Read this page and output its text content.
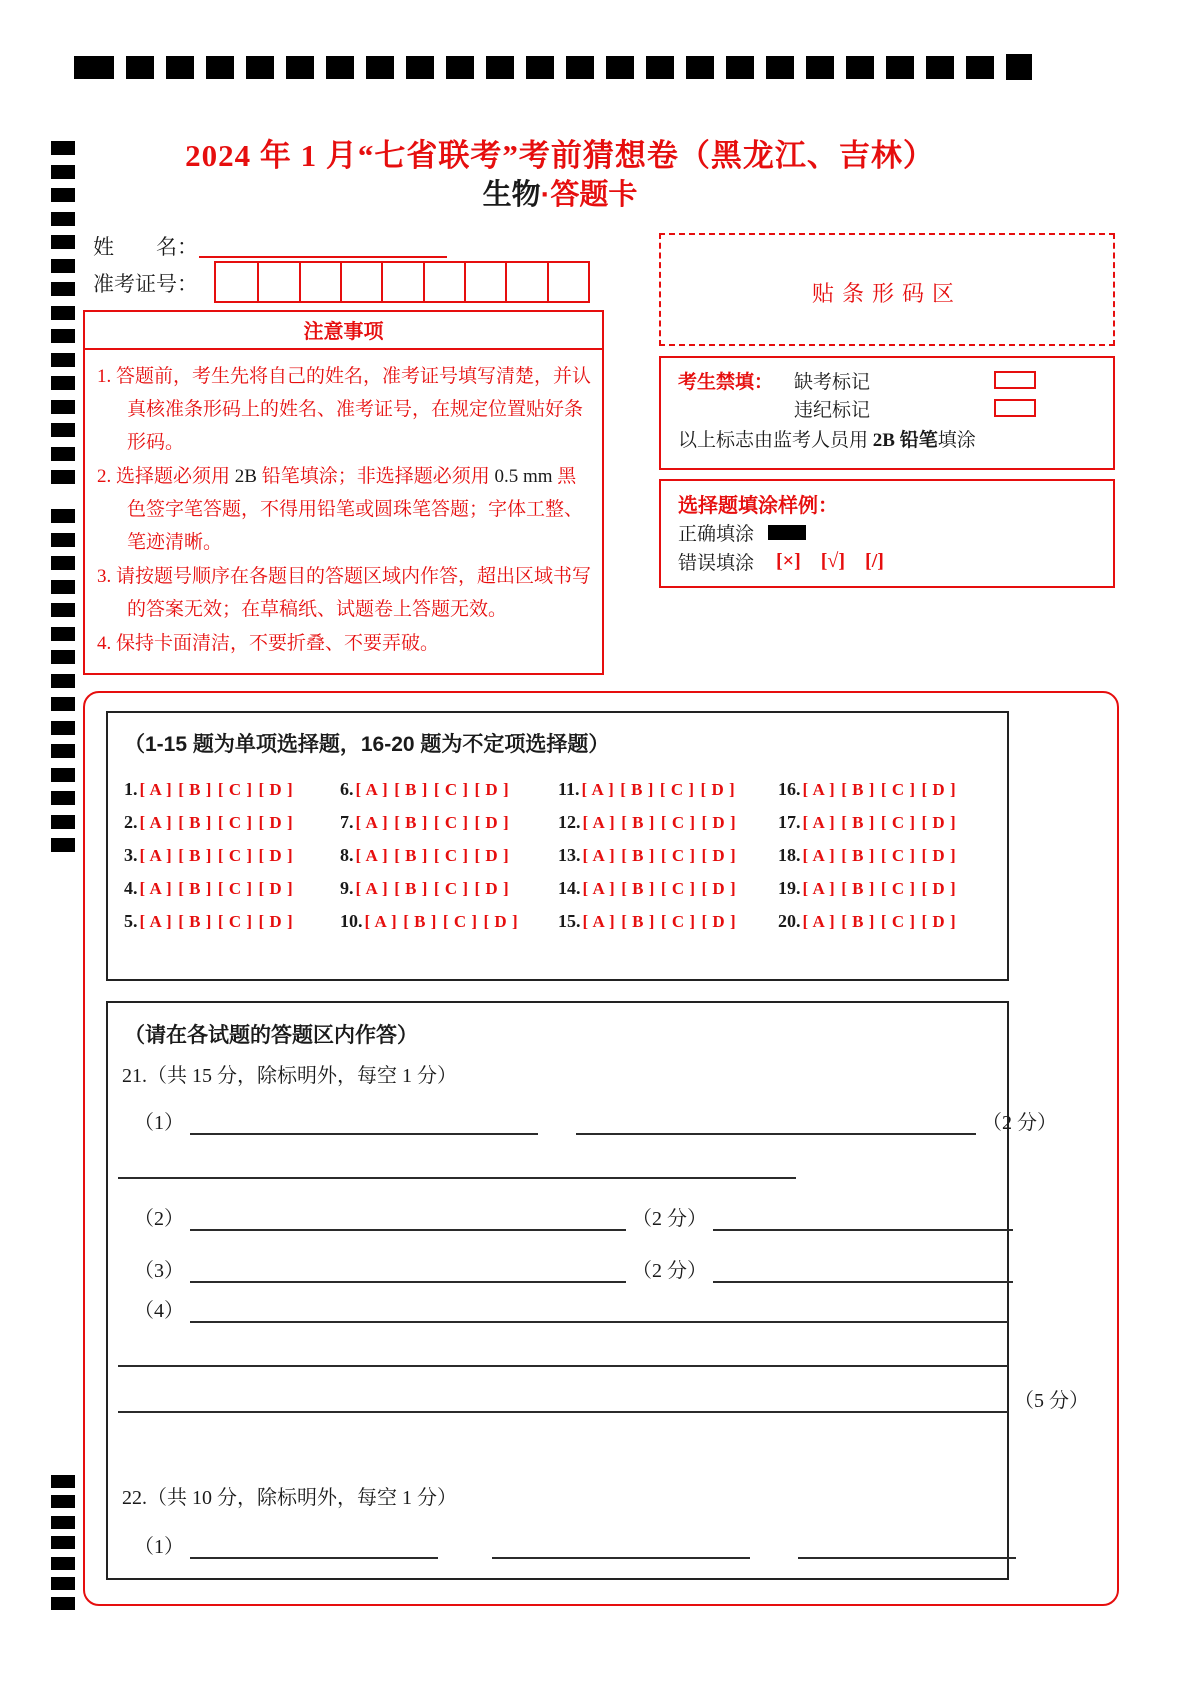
2024 年 1 月“七省联考”考前猜想卷（黑龙江、吉林）
生物·答题卡
姓　　名：
准考证号：
注意事项
1. 答题前，考生先将自己的姓名，准考证号填写清楚，并认真核准条形码上的姓名、准考证号，在规定位置贴好条形码。
2. 选择题必须用 2B 铅笔填涂；非选择题必须用 0.5 mm 黑色签字笔答题，不得用铅笔或圆珠笔答题；字体工整、笔迹清晰。
3. 请按题号顺序在各题目的答题区域内作答，超出区域书写的答案无效；在草稿纸、试题卷上答题无效。
4. 保持卡面清洁，不要折叠、不要弄破。
贴条形码区
考生禁填：	缺考标记
违纪标记
以上标志由监考人员用 2B 铅笔填涂
选择题填涂样例：
正确填涂
错误填涂 [×] [√] [/]
（1-15 题为单项选择题，16-20 题为不定项选择题）
1. [ A ] [ B ] [ C ] [ D ]	6. [ A ] [ B ] [ C ] [ D ]	11. [ A ] [ B ] [ C ] [ D ]	16. [ A ] [ B ] [ C ] [ D ]
2. [ A ] [ B ] [ C ] [ D ]	7. [ A ] [ B ] [ C ] [ D ]	12. [ A ] [ B ] [ C ] [ D ]	17. [ A ] [ B ] [ C ] [ D ]
3. [ A ] [ B ] [ C ] [ D ]	8. [ A ] [ B ] [ C ] [ D ]	13. [ A ] [ B ] [ C ] [ D ]	18. [ A ] [ B ] [ C ] [ D ]
4. [ A ] [ B ] [ C ] [ D ]	9. [ A ] [ B ] [ C ] [ D ]	14. [ A ] [ B ] [ C ] [ D ]	19. [ A ] [ B ] [ C ] [ D ]
5. [ A ] [ B ] [ C ] [ D ]	10. [ A ] [ B ] [ C ] [ D ]	15. [ A ] [ B ] [ C ] [ D ]	20. [ A ] [ B ] [ C ] [ D ]
（请在各试题的答题区内作答）
21.（共 15 分，除标明外，每空 1 分）
（1）	（2 分）
（2）	（2 分）
（3）	（2 分）
（4）
（5 分）
22.（共 10 分，除标明外，每空 1 分）
（1）
